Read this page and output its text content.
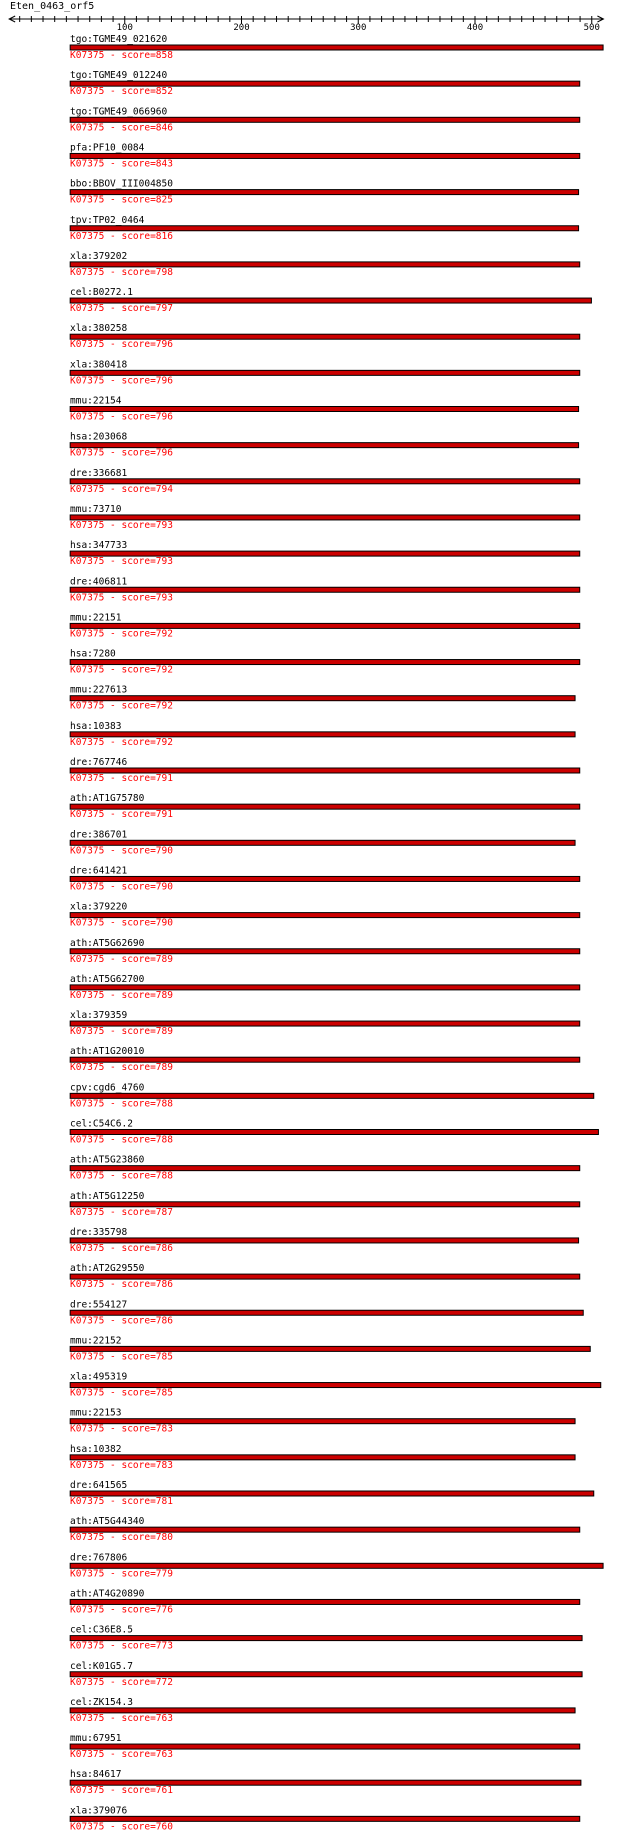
Eten_0463_orf5
100	200	300	400	500
tgo:TGME49_021620
K07375 - score=858
tgo:TGME49_012240
K07375 - score=852
tgo:TGME49_066960
K07375 - score=846
pfa:PF10_0084
K07375 - score=843
bbo:BBOV_III004850
K07375 - score=825
tpv:TP02_0464
K07375 - score=816
xla:379202
K07375 - score=798
cel:B0272.1
K07375 - score=797
xla:380258
K07375 - score=796
xla:380418
K07375 - score=796
mmu:22154
K07375 - score=796
hsa:203068
K07375 - score=796
dre:336681
K07375 - score=794
mmu:73710
K07375 - score=793
hsa:347733
K07375 - score=793
dre:406811
K07375 - score=793
mmu:22151
K07375 - score=792
hsa:7280
K07375 - score=792
mmu:227613
K07375 - score=792
hsa:10383
K07375 - score=792
dre:767746
K07375 - score=791
ath:AT1G75780
K07375 - score=791
dre:386701
K07375 - score=790
dre:641421
K07375 - score=790
xla:379220
K07375 - score=790
ath:AT5G62690
K07375 - score=789
ath:AT5G62700
K07375 - score=789
xla:379359
K07375 - score=789
ath:AT1G20010
K07375 - score=789
cpv:cgd6_4760
K07375 - score=788
cel:C54C6.2
K07375 - score=788
ath:AT5G23860
K07375 - score=788
ath:AT5G12250
K07375 - score=787
dre:335798
K07375 - score=786
ath:AT2G29550
K07375 - score=786
dre:554127
K07375 - score=786
mmu:22152
K07375 - score=785
xla:495319
K07375 - score=785
mmu:22153
K07375 - score=783
hsa:10382
K07375 - score=783
dre:641565
K07375 - score=781
ath:AT5G44340
K07375 - score=780
dre:767806
K07375 - score=779
ath:AT4G20890
K07375 - score=776
cel:C36E8.5
K07375 - score=773
cel:K01G5.7
K07375 - score=772
cel:ZK154.3
K07375 - score=763
mmu:67951
K07375 - score=763
hsa:84617
K07375 - score=761
xla:379076
K07375 - score=760
